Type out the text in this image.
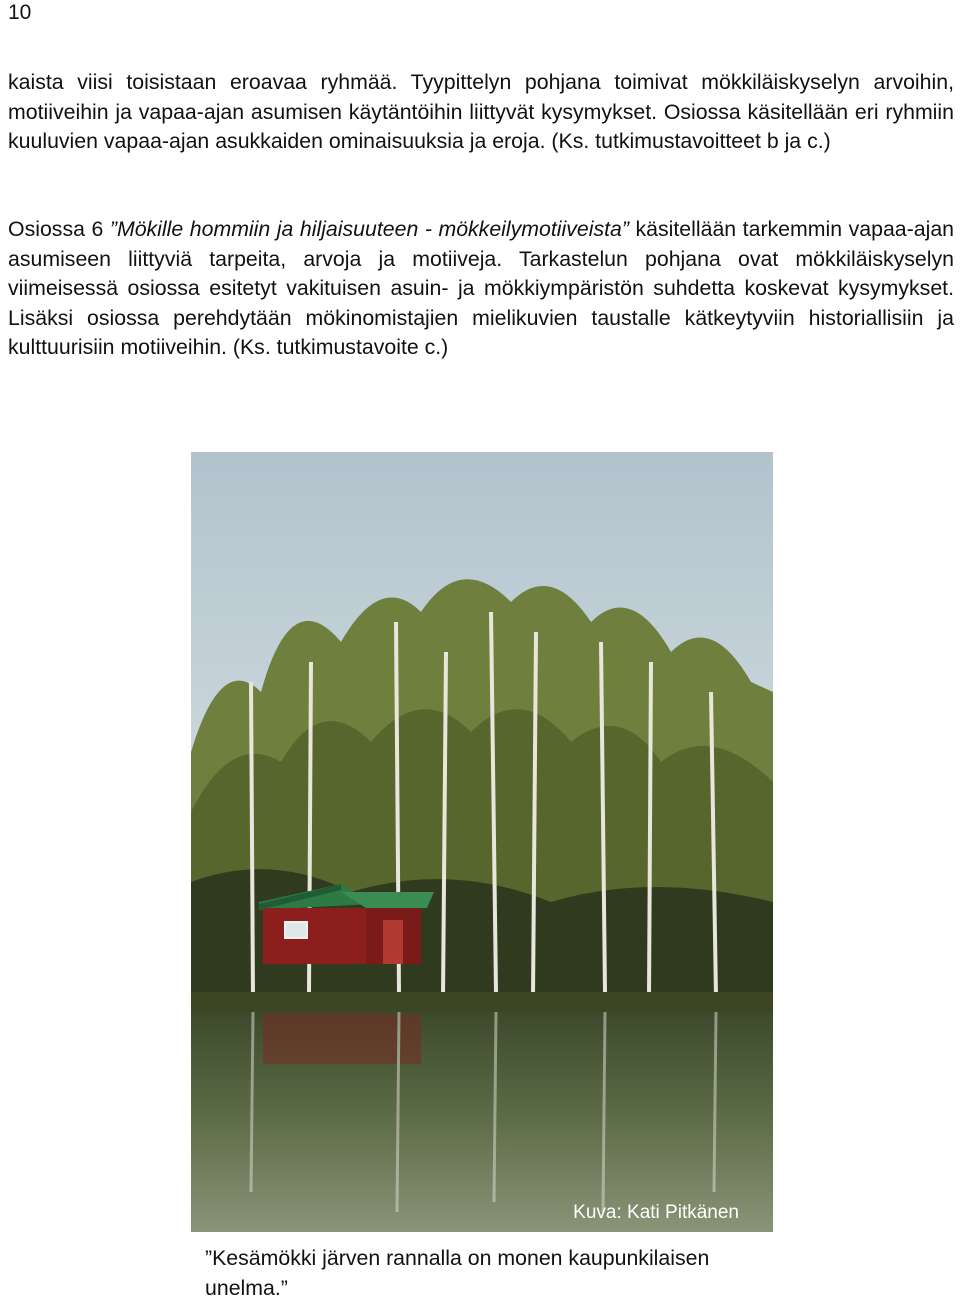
10

kaista viisi toisistaan eroavaa ryhmää. Tyypittelyn pohjana toimivat mökkiläiskyselyn arvoihin, motiiveihin ja vapaa-ajan asumisen käytäntöihin liittyvät kysymykset. Osiossa käsitellään eri ryhmiin kuuluvien vapaa-ajan asukkaiden ominaisuuksia ja eroja. (Ks. tutkimustavoitteet b ja c.)

Osiossa 6 ”Mökille hommiin ja hiljaisuuteen - mökkeilymotiiveista” käsitellään tarkemmin vapaa-ajan asumiseen liittyviä tarpeita, arvoja ja motiiveja. Tarkastelun pohjana ovat mökkiläiskyselyn viimeisessä osiossa esitetyt vakituisen asuin- ja mökkiympäristön suhdetta koskevat kysymykset. Lisäksi osiossa perehdytään mökinomistajien mielikuvien taustalle kätkeytyviin historiallisiin ja kulttuurisiin motiiveihin. (Ks. tutkimustavoite c.)

Kuva: Kati Pitkänen

”Kesämökki järven rannalla on monen kaupunkilaisen unelma.”
